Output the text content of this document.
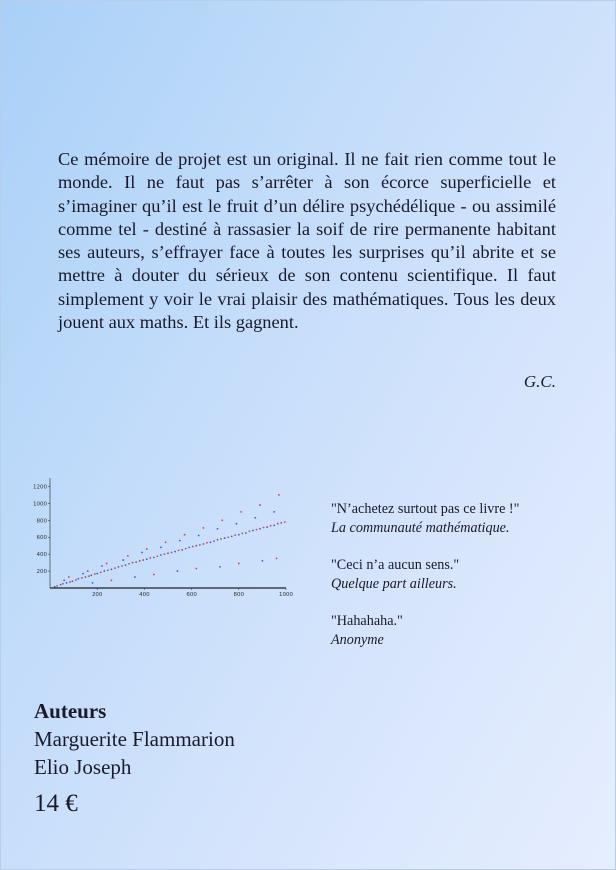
Ce mémoire de projet est un original. Il ne fait rien comme tout le monde. Il ne faut pas s’arrêter à son écorce superficielle et s’imaginer qu’il est le fruit d’un délire psychédélique - ou assimilé comme tel - destiné à rassasier la soif de rire permanente habitant ses auteurs, s’effrayer face à toutes les surprises qu’il abrite et se mettre à douter du sérieux de son contenu scientifique. Il faut simplement y voir le vrai plaisir des mathématiques. Tous les deux jouent aux maths. Et ils gagnent.

G.C.
200	400	600	800	1000
200
400
600
800
1000
1200
"N’achetez surtout pas ce livre !"
La communauté mathématique.
"Ceci n’a aucun sens."
Quelque part ailleurs.
"Hahahaha."
Anonyme
Auteurs
Marguerite Flammarion
Elio Joseph
14 €
